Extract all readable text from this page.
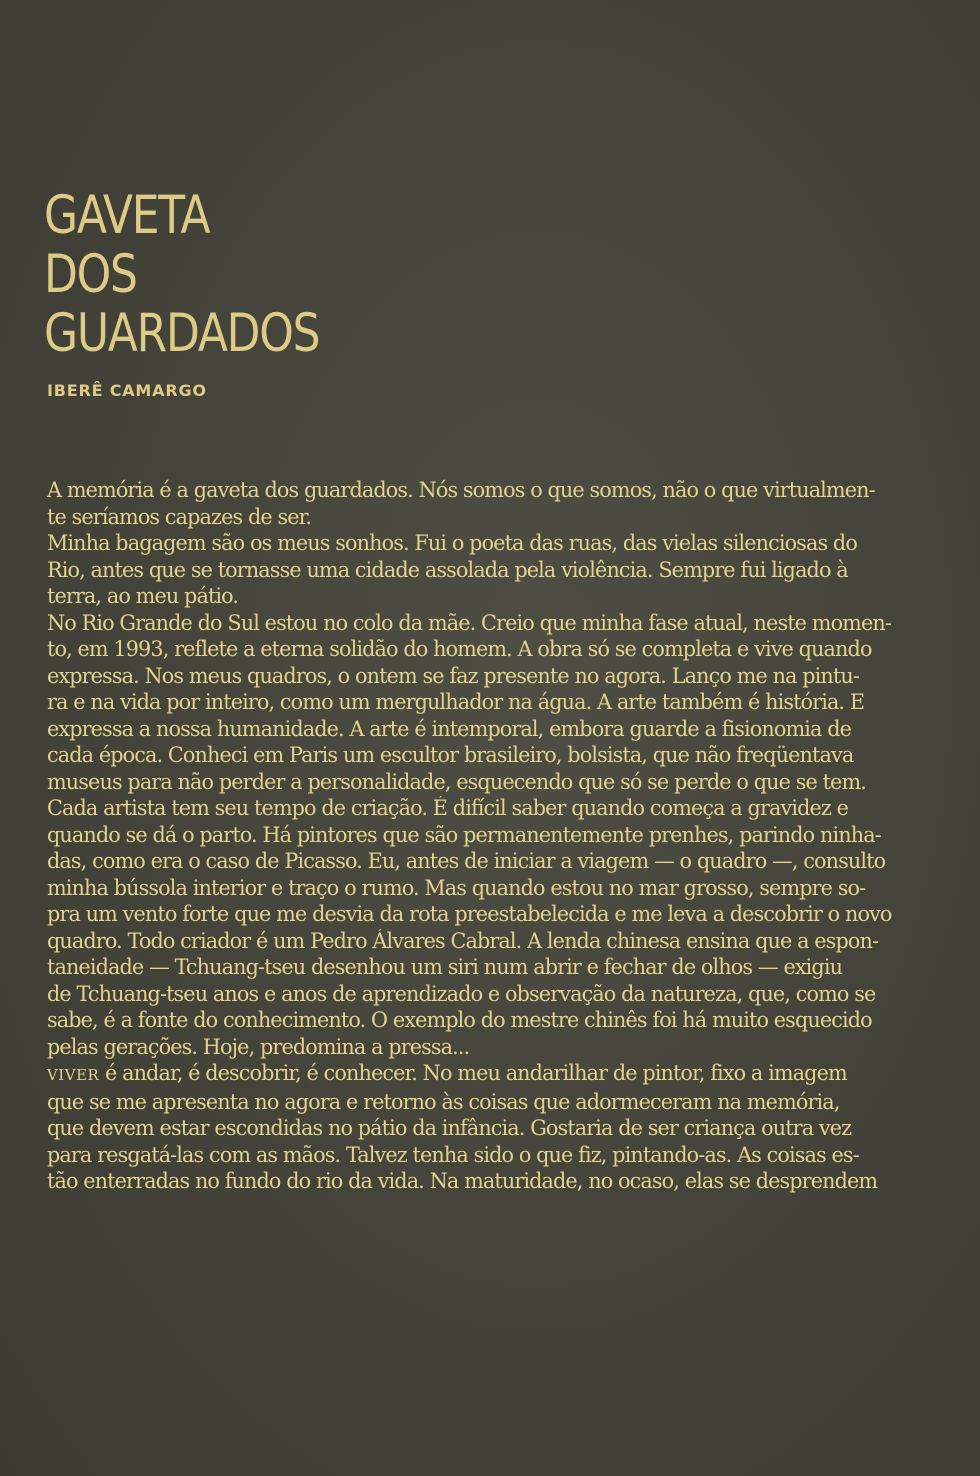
GAVETA
DOS
GUARDADOS
IBERÊ CAMARGO
A memória é a gaveta dos guardados. Nós somos o que somos, não o que virtualmen-
te seríamos capazes de ser.
Minha bagagem são os meus sonhos. Fui o poeta das ruas, das vielas silenciosas do
Rio, antes que se tornasse uma cidade assolada pela violência. Sempre fui ligado à
terra, ao meu pátio.
No Rio Grande do Sul estou no colo da mãe. Creio que minha fase atual, neste momen-
to, em 1993, reflete a eterna solidão do homem. A obra só se completa e vive quando
expressa. Nos meus quadros, o ontem se faz presente no agora. Lanço me na pintu-
ra e na vida por inteiro, como um mergulhador na água. A arte também é história. E
expressa a nossa humanidade. A arte é intemporal, embora guarde a fisionomia de
cada época. Conheci em Paris um escultor brasileiro, bolsista, que não freqüentava
museus para não perder a personalidade, esquecendo que só se perde o que se tem.
Cada artista tem seu tempo de criação. É difícil saber quando começa a gravidez e
quando se dá o parto. Há pintores que são permanentemente prenhes, parindo ninha-
das, como era o caso de Picasso. Eu, antes de iniciar a viagem — o quadro —, consulto
minha bússola interior e traço o rumo. Mas quando estou no mar grosso, sempre so-
pra um vento forte que me desvia da rota preestabelecida e me leva a descobrir o novo
quadro. Todo criador é um Pedro Álvares Cabral. A lenda chinesa ensina que a espon-
taneidade — Tchuang-tseu desenhou um siri num abrir e fechar de olhos — exigiu
de Tchuang-tseu anos e anos de aprendizado e observação da natureza, que, como se
sabe, é a fonte do conhecimento. O exemplo do mestre chinês foi há muito esquecido
pelas gerações. Hoje, predomina a pressa...
VIVER é andar, é descobrir, é conhecer. No meu andarilhar de pintor, fixo a imagem
que se me apresenta no agora e retorno às coisas que adormeceram na memória,
que devem estar escondidas no pátio da infância. Gostaria de ser criança outra vez
para resgatá-las com as mãos. Talvez tenha sido o que fiz, pintando-as. As coisas es-
tão enterradas no fundo do rio da vida. Na maturidade, no ocaso, elas se desprendem
